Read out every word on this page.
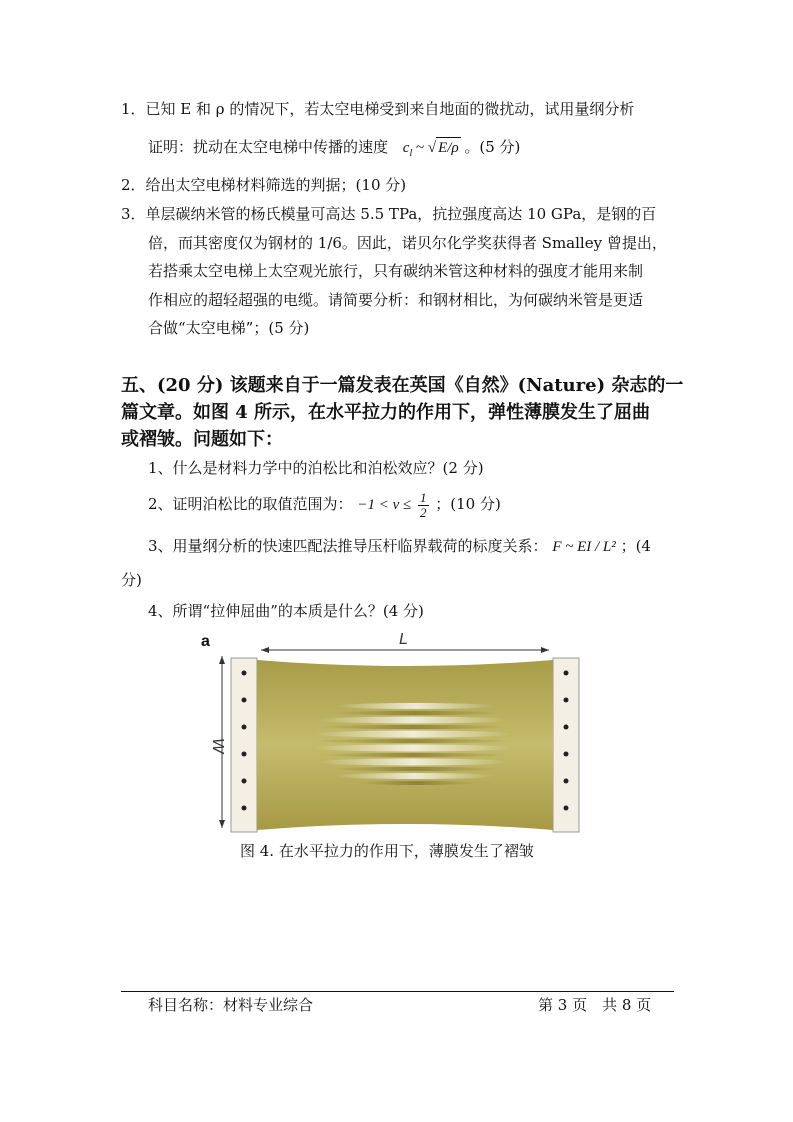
1．已知 E 和 ρ 的情况下，若太空电梯受到来自地面的微扰动，试用量纲分析
证明：扰动在太空电梯中传播的速度 $c_l$ ~ √ E/ρ 。(5 分)
2．给出太空电梯材料筛选的判据；(10 分)
3．单层碳纳米管的杨氏模量可高达 5.5 TPa，抗拉强度高达 10 GPa，是钢的百
倍，而其密度仅为钢材的 1/6。因此，诺贝尔化学奖获得者 Smalley 曾提出，
若搭乘太空电梯上太空观光旅行，只有碳纳米管这种材料的强度才能用来制
作相应的超轻超强的电缆。请简要分析：和钢材相比，为何碳纳米管是更适
合做“太空电梯”；(5 分)
五、(20 分) 该题来自于一篇发表在英国《自然》(Nature) 杂志的一
篇文章。如图 4 所示，在水平拉力的作用下，弹性薄膜发生了屈曲
或褶皱。问题如下：
1、什么是材料力学中的泊松比和泊松效应？(2 分)
2、证明泊松比的取值范围为： $-1 < \nu \le \frac{1}{2}$ ；(10 分)
3、用量纲分析的快速匹配法推导压杆临界载荷的标度关系： F ~ EI / L² ；(4
分)
4、所谓“拉伸屈曲”的本质是什么？(4 分)
a	L
W
图 4. 在水平拉力的作用下，薄膜发生了褶皱
科目名称：材料专业综合	第 3 页　共 8 页
